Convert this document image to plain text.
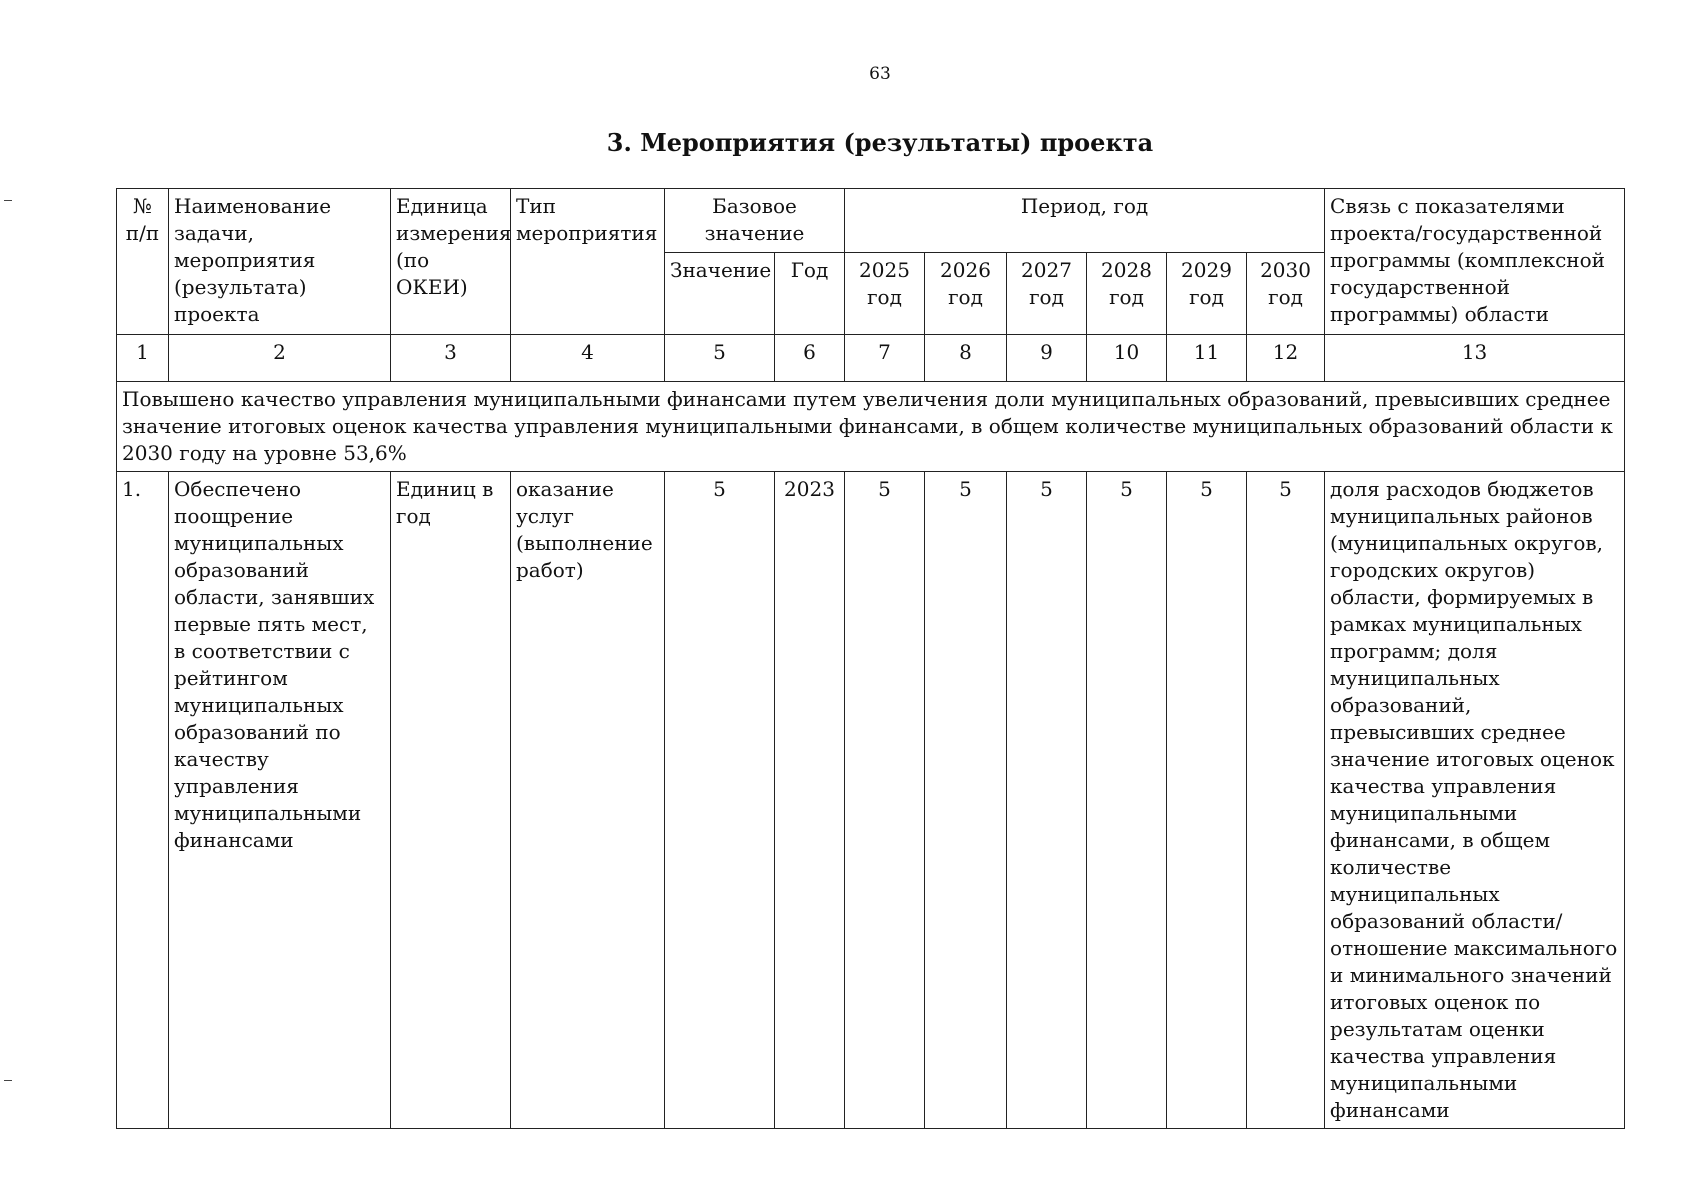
63
3. Мероприятия (результаты) проекта
№ п/п	Наименование задачи, мероприятия (результата) проекта	Единица измерения (по ОКЕИ)	Тип мероприятия	Базовое значение		Период, год						Связь с показателями проекта/государственной программы (комплексной государственной программы) области
				Значение	Год	2025 год	2026 год	2027 год	2028 год	2029 год	2030 год	
1	2	3	4	5	6	7	8	9	10	11	12	13
Повышено качество управления муниципальными финансами путем увеличения доли муниципальных образований, превысивших среднее значение итоговых оценок качества управления муниципальными финансами, в общем количестве муниципальных образований области к 2030 году на уровне 53,6%												
1.	Обеспечено поощрение муниципальных образований области, занявших первые пять мест, в соответствии с рейтингом муниципальных образований по качеству управления муниципальными финансами	Единиц в год	оказание услуг (выполнение работ)	5	2023	5	5	5	5	5	5	доля расходов бюджетов муниципальных районов (муниципальных округов, городских округов) области, формируемых в рамках муниципальных программ; доля муниципальных образований, превысивших среднее значение итоговых оценок качества управления муниципальными финансами, в общем количестве муниципальных образований области/отношение максимального и минимального значений итоговых оценок по результатам оценки качества управления муниципальными финансами
